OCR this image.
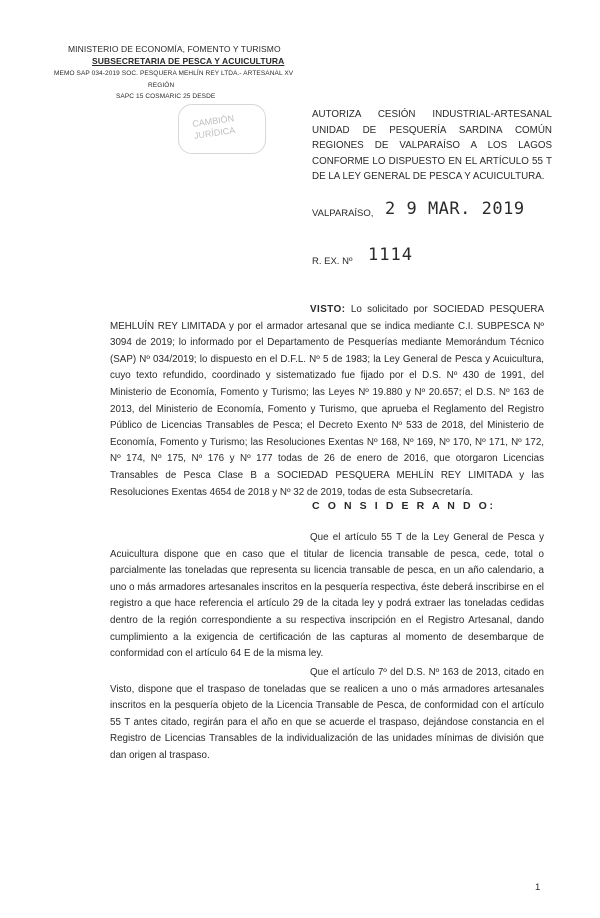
MINISTERIO DE ECONOMÍA, FOMENTO Y TURISMO
SUBSECRETARIA DE PESCA Y ACUICULTURA
MEMO SAP 034-2019 SOC. PESQUERA MEHLÍN REY LTDA.- ARTESANAL XV
REGIÓN
SAPC 15 COSMARIC 25 DESDE
CAMBIÓN
JURÍDICA
AUTORIZA CESIÓN INDUSTRIAL-ARTESANAL UNIDAD DE PESQUERÍA SARDINA COMÚN REGIONES DE VALPARAÍSO A LOS LAGOS CONFORME LO DISPUESTO EN EL ARTÍCULO 55 T DE LA LEY GENERAL DE PESCA Y ACUICULTURA.
VALPARAÍSO, 2 9 MAR. 2019
R. EX. Nº 1114

VISTO: Lo solicitado por SOCIEDAD PESQUERA MEHLUÍN REY LIMITADA y por el armador artesanal que se indica mediante C.I. SUBPESCA Nº 3094 de 2019; lo informado por el Departamento de Pesquerías mediante Memorándum Técnico (SAP) Nº 034/2019; lo dispuesto en el D.F.L. Nº 5 de 1983; la Ley General de Pesca y Acuicultura, cuyo texto refundido, coordinado y sistematizado fue fijado por el D.S. Nº 430 de 1991, del Ministerio de Economía, Fomento y Turismo; las Leyes Nº 19.880 y Nº 20.657; el D.S. Nº 163 de 2013, del Ministerio de Economía, Fomento y Turismo, que aprueba el Reglamento del Registro Público de Licencias Transables de Pesca; el Decreto Exento Nº 533 de 2018, del Ministerio de Economía, Fomento y Turismo; las Resoluciones Exentas Nº 168, Nº 169, Nº 170, Nº 171, Nº 172, Nº 174, Nº 175, Nº 176 y Nº 177 todas de 26 de enero de 2016, que otorgaron Licencias Transables de Pesca Clase B a SOCIEDAD PESQUERA MEHLÍN REY LIMITADA y las Resoluciones Exentas 4654 de 2018 y Nº 32 de 2019, todas de esta Subsecretaría.

C O N S I D E R A N D O:

Que el artículo 55 T de la Ley General de Pesca y Acuicultura dispone que en caso que el titular de licencia transable de pesca, cede, total o parcialmente las toneladas que representa su licencia transable de pesca, en un año calendario, a uno o más armadores artesanales inscritos en la pesquería respectiva, éste deberá inscribirse en el registro a que hace referencia el artículo 29 de la citada ley y podrá extraer las toneladas cedidas dentro de la región correspondiente a su respectiva inscripción en el Registro Artesanal, dando cumplimiento a la exigencia de certificación de las capturas al momento de desembarque de conformidad con el artículo 64 E de la misma ley.

Que el artículo 7º del D.S. Nº 163 de 2013, citado en Visto, dispone que el traspaso de toneladas que se realicen a uno o más armadores artesanales inscritos en la pesquería objeto de la Licencia Transable de Pesca, de conformidad con el artículo 55 T antes citado, regirán para el año en que se acuerde el traspaso, dejándose constancia en el Registro de Licencias Transables de la individualización de las unidades mínimas de división que dan origen al traspaso.

1
